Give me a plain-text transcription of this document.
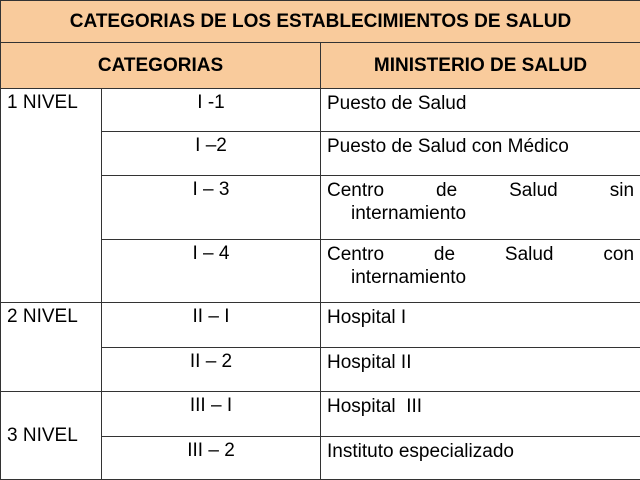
CATEGORIAS DE LOS ESTABLECIMIENTOS DE SALUD		
CATEGORIAS		MINISTERIO DE SALUD
1 NIVEL	I -1	Puesto de Salud
	I –2	Puesto de Salud con Médico
	I – 3	Centro de Salud sin
internamiento

	I – 4	Centro de Salud con
internamiento

2 NIVEL	II – I	Hospital I
	II – 2	Hospital II
3 NIVEL	III – I	Hospital  III
	III – 2	Instituto especializado
